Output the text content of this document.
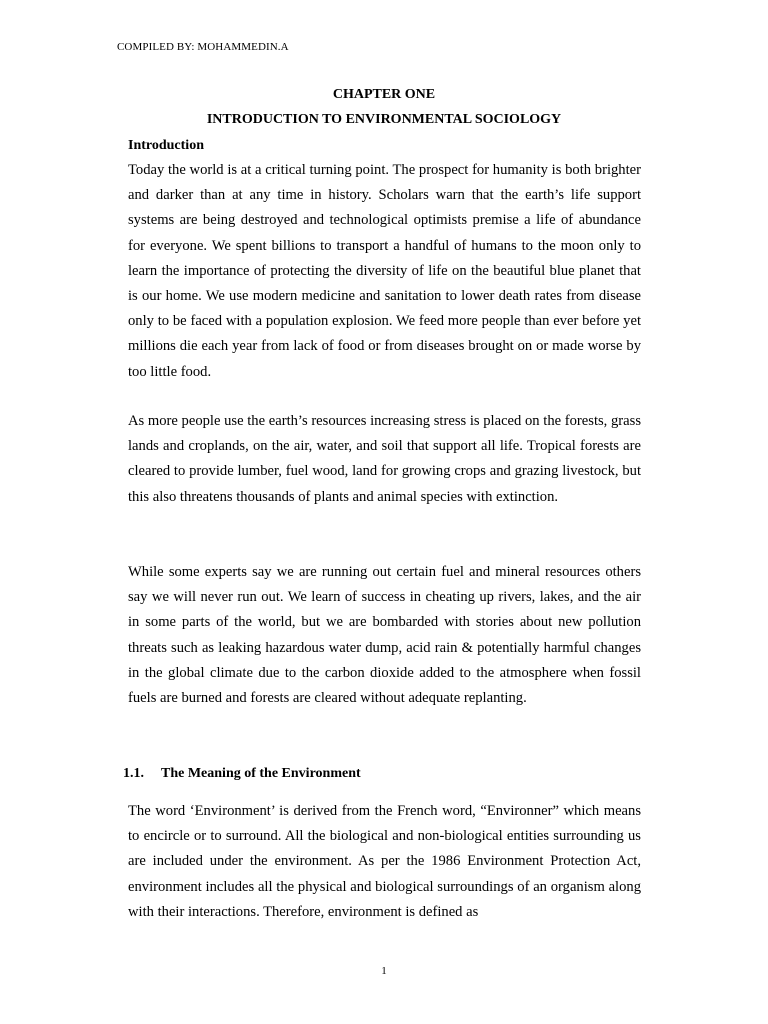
COMPILED BY: MOHAMMEDIN.A
CHAPTER ONE
INTRODUCTION TO ENVIRONMENTAL SOCIOLOGY
Introduction

Today the world is at a critical turning point. The prospect for humanity is both brighter and darker than at any time in history. Scholars warn that the earth’s life support systems are being destroyed and technological optimists premise a life of abundance for everyone. We spent billions to transport a handful of humans to the moon only to learn the importance of protecting the diversity of life on the beautiful blue planet that is our home. We use modern medicine and sanitation to lower death rates from disease only to be faced with a population explosion. We feed more people than ever before yet millions die each year from lack of food or from diseases brought on or made worse by too little food.

As more people use the earth’s resources increasing stress is placed on the forests, grass lands and croplands, on the air, water, and soil that support all life. Tropical forests are cleared to provide lumber, fuel wood, land for growing crops and grazing livestock, but this also threatens thousands of plants and animal species with extinction.

While some experts say we are running out certain fuel and mineral resources others say we will never run out. We learn of success in cheating up rivers, lakes, and the air in some parts of the world, but we are bombarded with stories about new pollution threats such as leaking hazardous water dump, acid rain & potentially harmful changes in the global climate due to the carbon dioxide added to the atmosphere when fossil fuels are burned and forests are cleared without adequate replanting.

1.1. The Meaning of the Environment

The word ‘Environment’ is derived from the French word, “Environner” which means to encircle or to surround. All the biological and non-biological entities surrounding us are included under the environment. As per the 1986 Environment Protection Act, environment includes all the physical and biological surroundings of an organism along with their interactions. Therefore, environment is defined as

1
